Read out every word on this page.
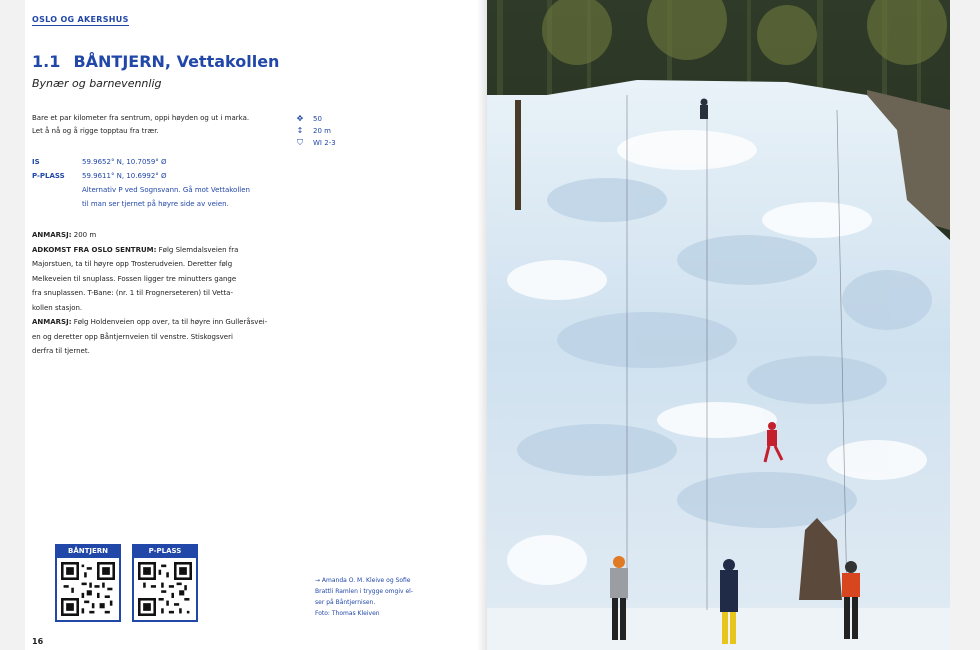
OSLO OG AKERSHUS
1.1 BÅNTJERN, Vettakollen
Bynær og barnevennlig
Bare et par kilometer fra sentrum, oppi høyden og ut i marka.
Let å nå og å rigge topptau fra trær.
✥ 50
↕ 20 m
⛉ WI 2-3
IS	59.9652° N, 10.7059° Ø
P-PLASS	59.9611° N, 10.6992° Ø
Alternativ P ved Sognsvann. Gå mot Vettakollen
til man ser tjernet på høyre side av veien.
ANMARSJ: 200 m
ADKOMST FRA OSLO SENTRUM: Følg Slemdalsveien fra
Majorstuen, ta til høyre opp Trosterudveien. Deretter følg
Melkeveien til snuplass. Fossen ligger tre minutters gange
fra snuplassen. T-Bane: (nr. 1 til Frognerseteren) til Vetta-
kollen stasjon.
ANMARSJ: Følg Holdenveien opp over, ta til høyre inn Gulleråsvei-
en og deretter opp Båntjernveien til venstre. Stiskogsveri
derfra til tjernet.
BÅNTJERN	P-PLASS
→ Amanda O. M. Kleive og Sofie
Brattli Ramlen i trygge omgiv el-
ser på Båntjernisen.
Foto: Thomas Kleiven
16
